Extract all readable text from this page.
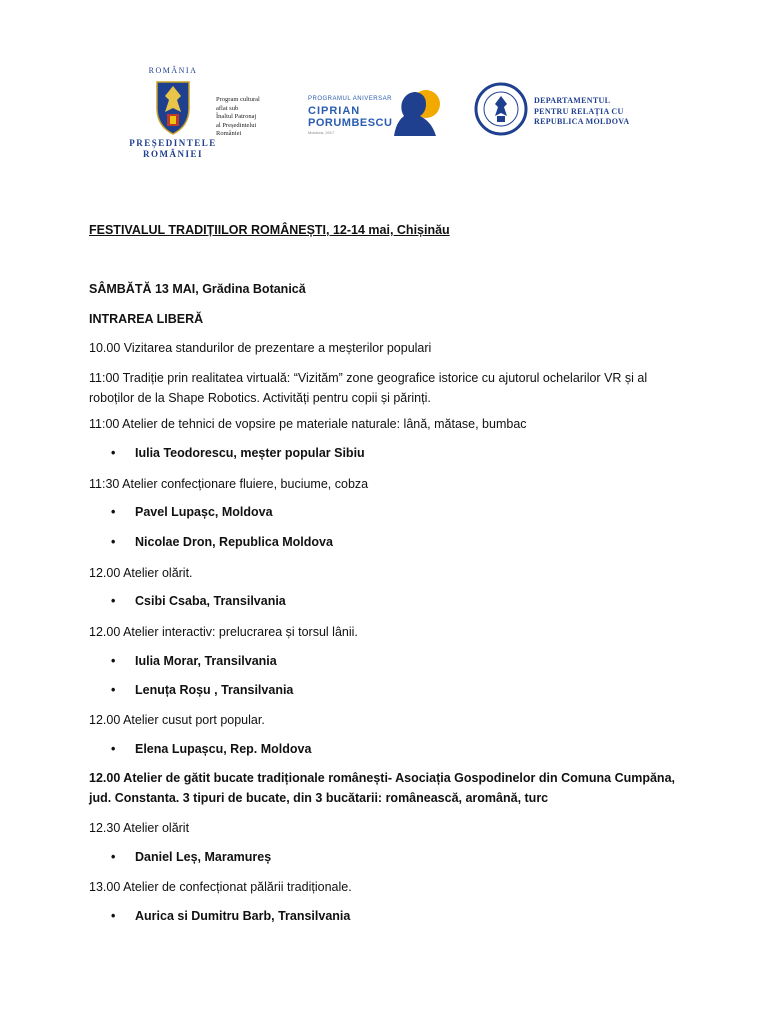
ROMÂNIA
PREȘEDINTELE
ROMÂNIEI
Program cultural
aflat sub
Înaltul Patronaj
al Președintelui
României
PROGRAMUL ANIVERSAR
CIPRIAN
PORUMBESCU
Moldova, 2017
DEPARTAMENTUL
PENTRU RELAȚIA CU
REPUBLICA MOLDOVA
FESTIVALUL TRADIȚIILOR ROMÂNEȘTI, 12-14 mai, Chișinău
SÂMBĂTĂ 13 MAI, Grădina Botanică
INTRAREA LIBERĂ
10.00 Vizitarea standurilor de prezentare a meșterilor populari
11:00 Tradiție prin realitatea virtuală: “Vizităm” zone geografice istorice cu ajutorul ochelarilor VR și al roboților de la Shape Robotics. Activități pentru copii și părinți.
11:00 Atelier de tehnici de vopsire pe materiale naturale: lână, mătase, bumbac
• Iulia Teodorescu, meșter popular Sibiu
11:30 Atelier confecționare fluiere, buciume, cobza
• Pavel Lupașc, Moldova
• Nicolae Dron, Republica Moldova
12.00 Atelier olărit.
• Csibi Csaba, Transilvania
12.00 Atelier interactiv: prelucrarea și torsul lânii.
• Iulia Morar, Transilvania
• Lenuța Roșu , Transilvania
12.00 Atelier cusut port popular.
• Elena Lupașcu, Rep. Moldova
12.00 Atelier de gătit bucate tradiționale românești- Asociația Gospodinelor din Comuna Cumpăna, jud. Constanta. 3 tipuri de bucate, din 3 bucătarii: românească, aromână, turc
12.30 Atelier olărit
• Daniel Leș, Maramureș
13.00 Atelier de confecționat pălării tradiționale.
• Aurica si Dumitru Barb, Transilvania
